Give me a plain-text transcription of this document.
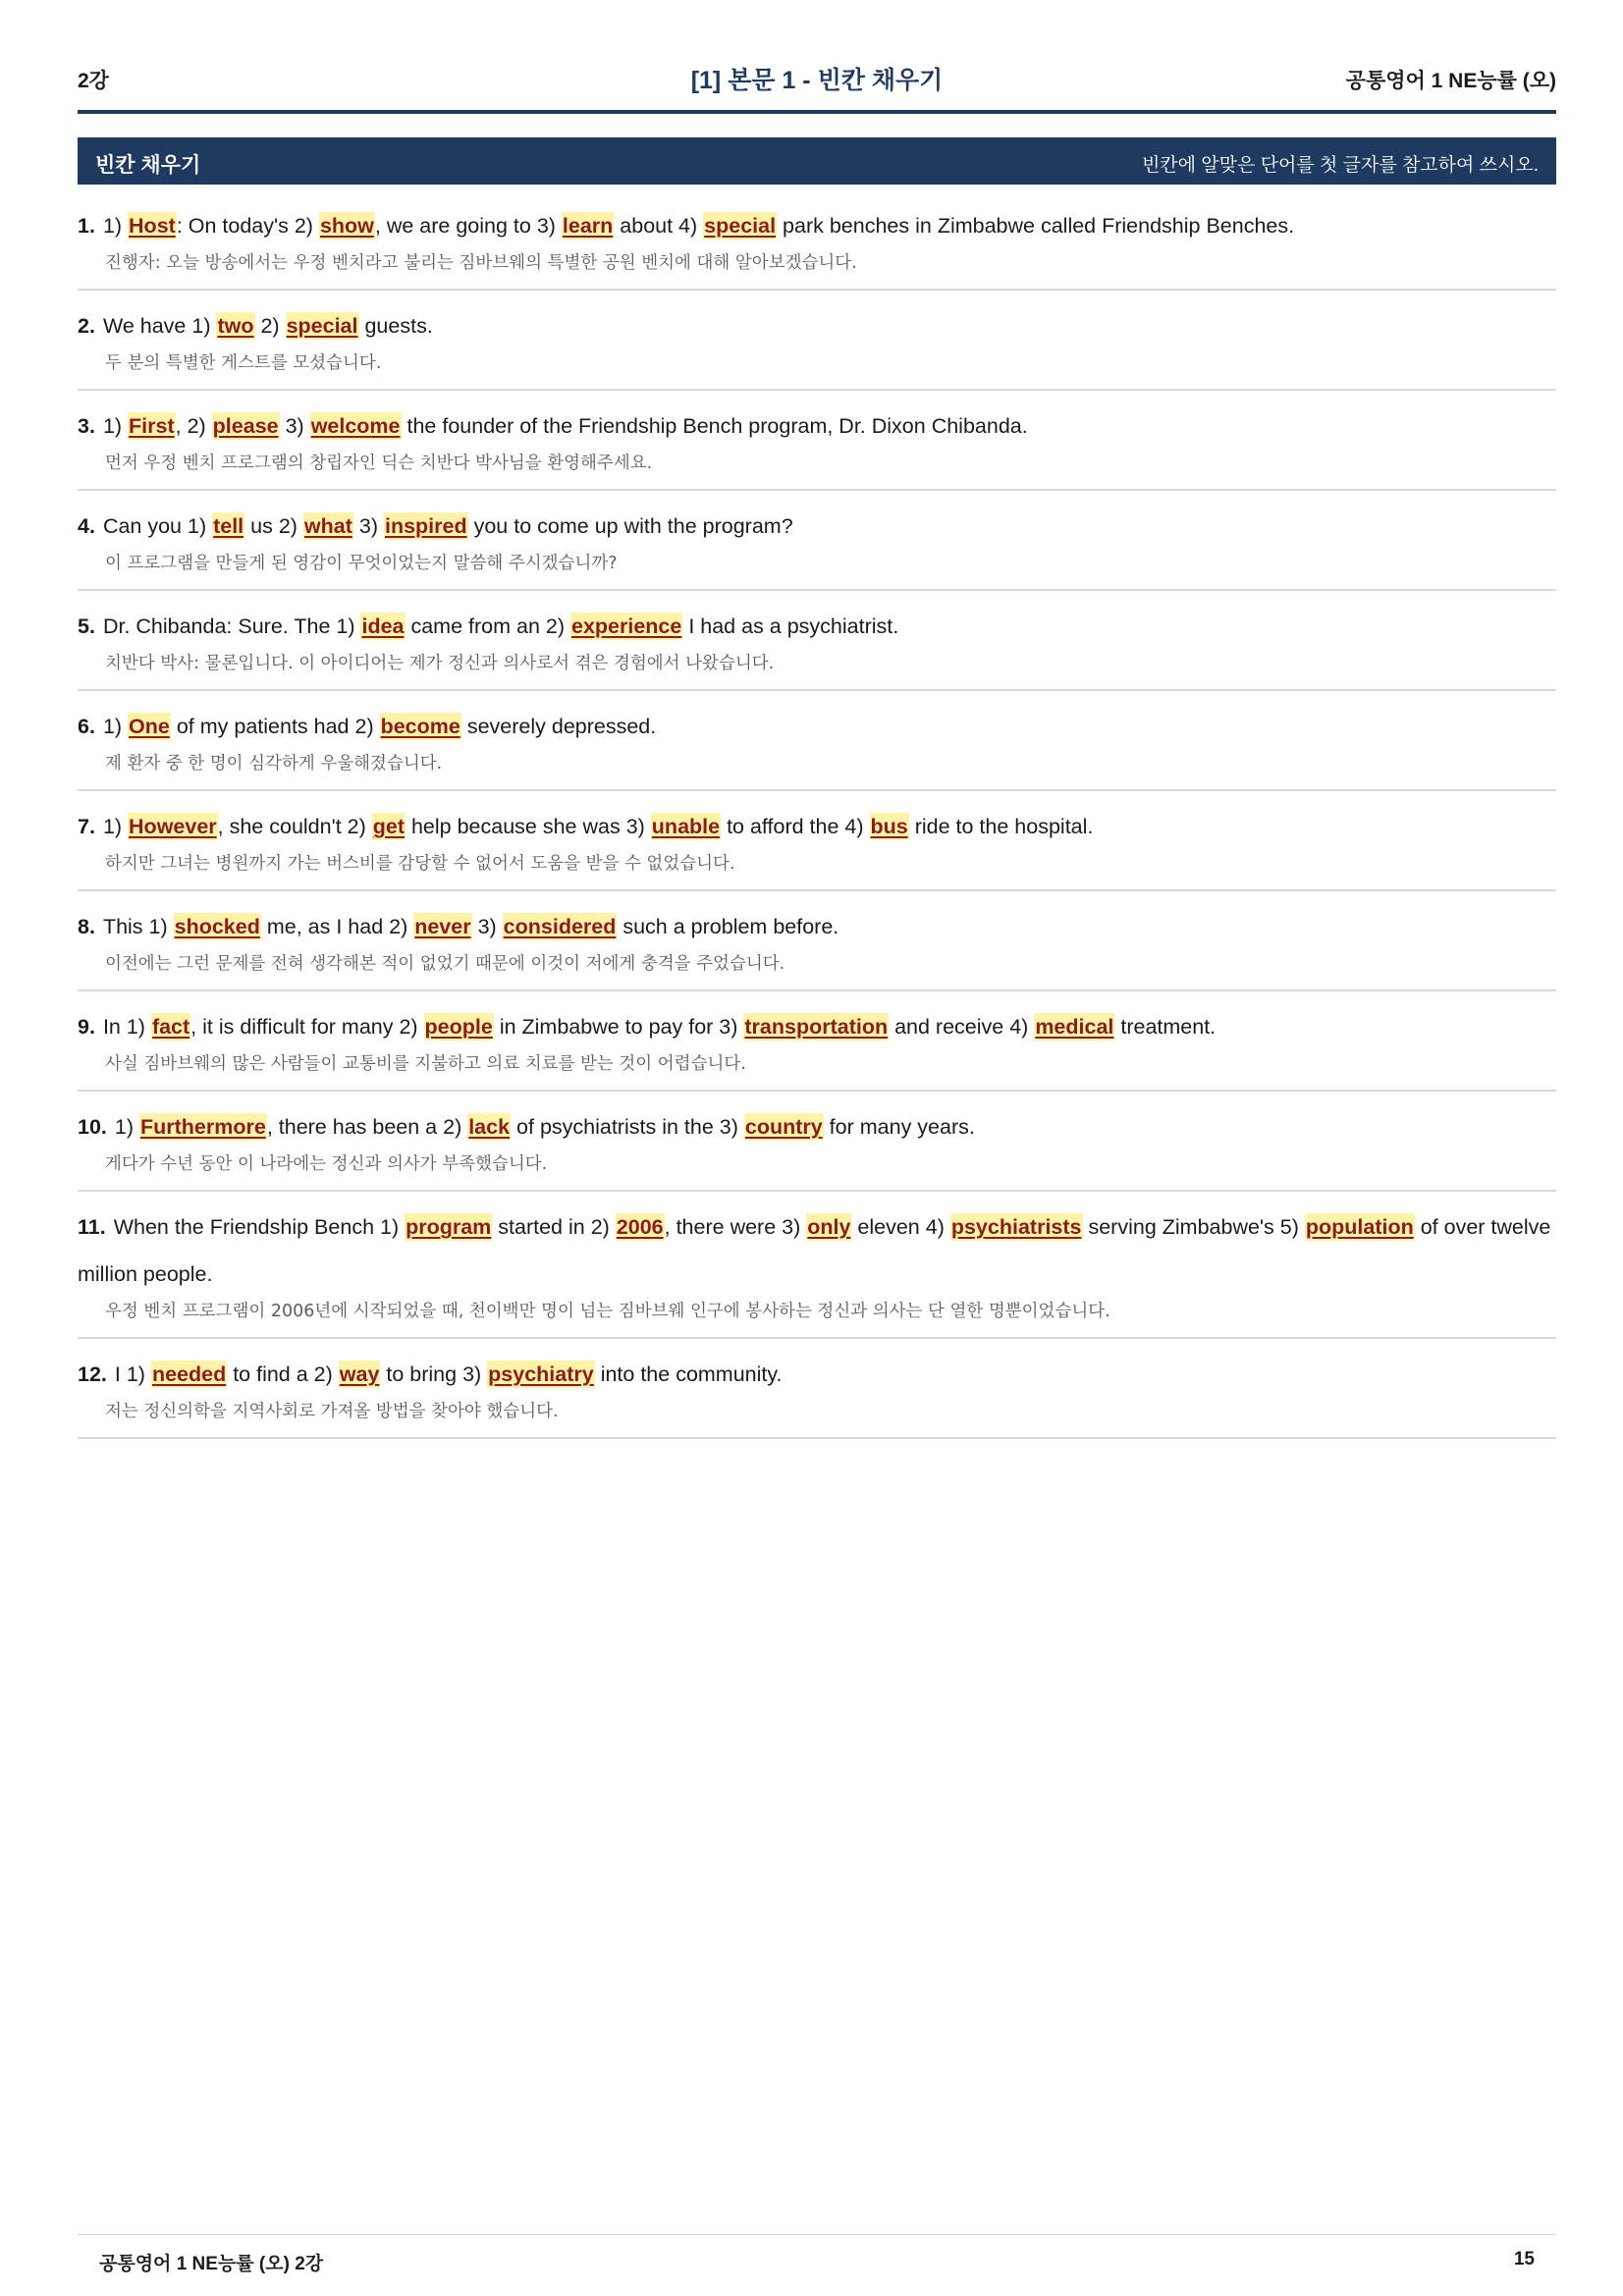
2강	[1] 본문 1 - 빈칸 채우기	공통영어 1 NE능률 (오)
빈칸 채우기	빈칸에 알맞은 단어를 첫 글자를 참고하여 쓰시오.
1. 1) Host: On today's 2) show, we are going to 3) learn about 4) special park benches in Zimbabwe called Friendship Benches.
진행자: 오늘 방송에서는 우정 벤치라고 불리는 짐바브웨의 특별한 공원 벤치에 대해 알아보겠습니다.
2. We have 1) two 2) special guests.
두 분의 특별한 게스트를 모셨습니다.
3. 1) First, 2) please 3) welcome the founder of the Friendship Bench program, Dr. Dixon Chibanda.
먼저 우정 벤치 프로그램의 창립자인 딕슨 치반다 박사님을 환영해주세요.
4. Can you 1) tell us 2) what 3) inspired you to come up with the program?
이 프로그램을 만들게 된 영감이 무엇이었는지 말씀해 주시겠습니까?
5. Dr. Chibanda: Sure. The 1) idea came from an 2) experience I had as a psychiatrist.
치반다 박사: 물론입니다. 이 아이디어는 제가 정신과 의사로서 겪은 경험에서 나왔습니다.
6. 1) One of my patients had 2) become severely depressed.
제 환자 중 한 명이 심각하게 우울해졌습니다.
7. 1) However, she couldn't 2) get help because she was 3) unable to afford the 4) bus ride to the hospital.
하지만 그녀는 병원까지 가는 버스비를 감당할 수 없어서 도움을 받을 수 없었습니다.
8. This 1) shocked me, as I had 2) never 3) considered such a problem before.
이전에는 그런 문제를 전혀 생각해본 적이 없었기 때문에 이것이 저에게 충격을 주었습니다.
9. In 1) fact, it is difficult for many 2) people in Zimbabwe to pay for 3) transportation and receive 4) medical treatment.
사실 짐바브웨의 많은 사람들이 교통비를 지불하고 의료 치료를 받는 것이 어렵습니다.
10. 1) Furthermore, there has been a 2) lack of psychiatrists in the 3) country for many years.
게다가 수년 동안 이 나라에는 정신과 의사가 부족했습니다.
11. When the Friendship Bench 1) program started in 2) 2006, there were 3) only eleven 4) psychiatrists serving Zimbabwe's 5) population of over twelve million people.
우정 벤치 프로그램이 2006년에 시작되었을 때, 천이백만 명이 넘는 짐바브웨 인구에 봉사하는 정신과 의사는 단 열한 명뿐이었습니다.
12. I 1) needed to find a 2) way to bring 3) psychiatry into the community.
저는 정신의학을 지역사회로 가져올 방법을 찾아야 했습니다.
공통영어 1 NE능률 (오) 2강	15
